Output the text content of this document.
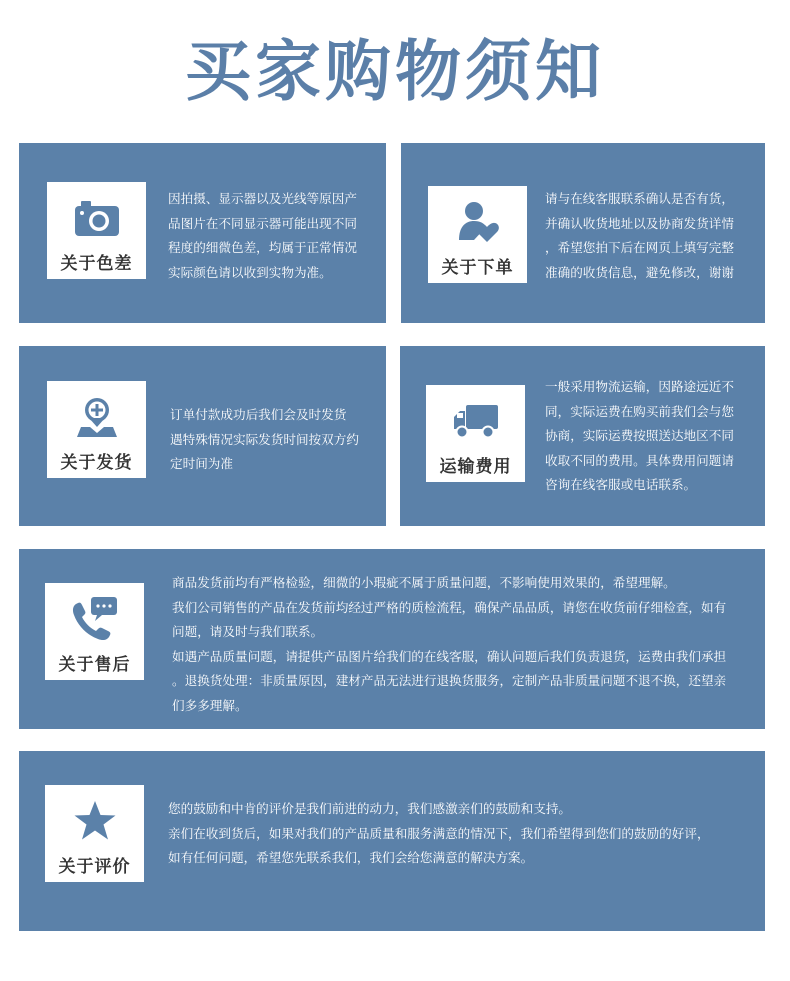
买家购物须知
关于色差

因拍摄、显示器以及光线等原因产

品图片在不同显示器可能出现不同

程度的细微色差，均属于正常情况

实际颜色请以收到实物为准。	关于下单

请与在线客服联系确认是否有货，

并确认收货地址以及协商发货详情

，希望您拍下后在网页上填写完整

准确的收货信息，避免修改，谢谢

关于发货

订单付款成功后我们会及时发货

遇特殊情况实际发货时间按双方约

定时间为准	运输费用

一般采用物流运输，因路途远近不

同，实际运费在购买前我们会与您

协商，实际运费按照送达地区不同

收取不同的费用。具体费用问题请

咨询在线客服或电话联系。

关于售后

商品发货前均有严格检验，细微的小瑕疵不属于质量问题，不影响使用效果的，希望理解。

我们公司销售的产品在发货前均经过严格的质检流程，确保产品品质，请您在收货前仔细检查，如有

问题，请及时与我们联系。

如遇产品质量问题，请提供产品图片给我们的在线客服，确认问题后我们负责退货，运费由我们承担

。退换货处理：非质量原因，建材产品无法进行退换货服务，定制产品非质量问题不退不换，还望亲

们多多理解。

关于评价

您的鼓励和中肯的评价是我们前进的动力，我们感激亲们的鼓励和支持。

亲们在收到货后，如果对我们的产品质量和服务满意的情况下，我们希望得到您们的鼓励的好评，

如有任何问题，希望您先联系我们，我们会给您满意的解决方案。
